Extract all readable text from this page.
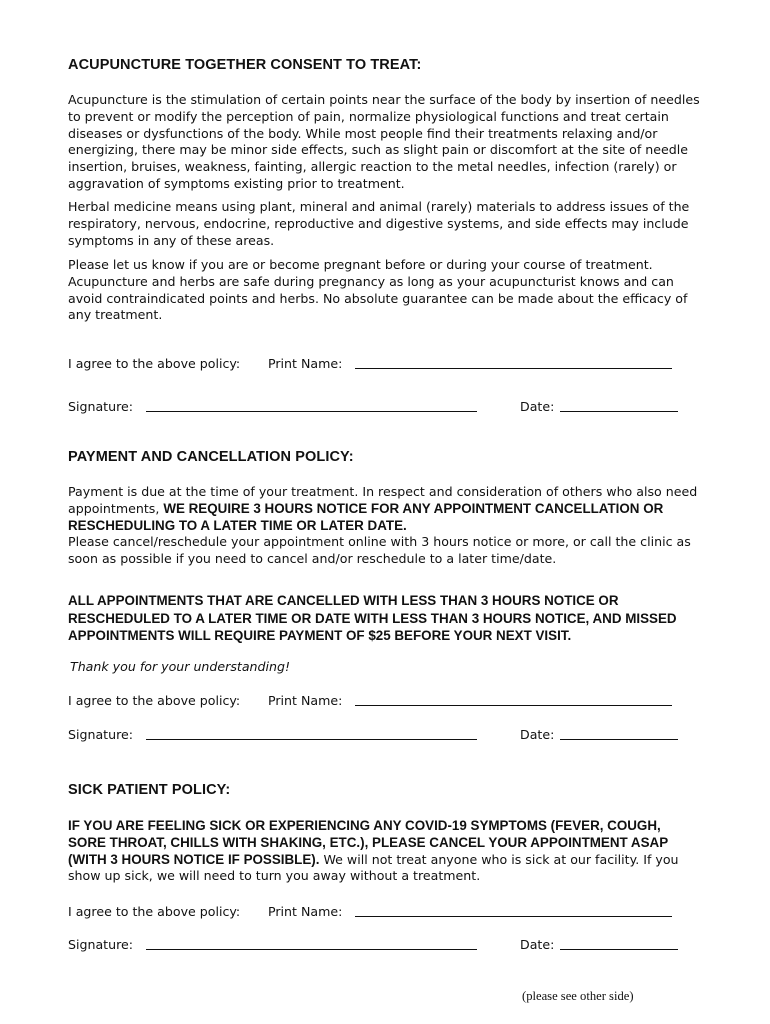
ACUPUNCTURE TOGETHER CONSENT TO TREAT:

Acupuncture is the stimulation of certain points near the surface of the body by insertion of needles to prevent or modify the perception of pain, normalize physiological functions and treat certain diseases or dysfunctions of the body. While most people find their treatments relaxing and/or energizing, there may be minor side effects, such as slight pain or discomfort at the site of needle insertion, bruises, weakness, fainting, allergic reaction to the metal needles, infection (rarely) or aggravation of symptoms existing prior to treatment.

Herbal medicine means using plant, mineral and animal (rarely) materials to address issues of the respiratory, nervous, endocrine, reproductive and digestive systems, and side effects may include symptoms in any of these areas.

Please let us know if you are or become pregnant before or during your course of treatment. Acupuncture and herbs are safe during pregnancy as long as your acupuncturist knows and can avoid contraindicated points and herbs. No absolute guarantee can be made about the efficacy of any treatment.

I agree to the above policy: Print Name:
Signature:	Date:
PAYMENT AND CANCELLATION POLICY:

Payment is due at the time of your treatment. In respect and consideration of others who also need appointments, WE REQUIRE 3 HOURS NOTICE FOR ANY APPOINTMENT CANCELLATION OR RESCHEDULING TO A LATER TIME OR LATER DATE.
Please cancel/reschedule your appointment online with 3 hours notice or more, or call the clinic as soon as possible if you need to cancel and/or reschedule to a later time/date.

ALL APPOINTMENTS THAT ARE CANCELLED WITH LESS THAN 3 HOURS NOTICE OR RESCHEDULED TO A LATER TIME OR DATE WITH LESS THAN 3 HOURS NOTICE, AND MISSED APPOINTMENTS WILL REQUIRE PAYMENT OF $25 BEFORE YOUR NEXT VISIT.

Thank you for your understanding!

I agree to the above policy: Print Name:
Signature:	Date:
SICK PATIENT POLICY:

IF YOU ARE FEELING SICK OR EXPERIENCING ANY COVID-19 SYMPTOMS (FEVER, COUGH, SORE THROAT, CHILLS WITH SHAKING, ETC.), PLEASE CANCEL YOUR APPOINTMENT ASAP (WITH 3 HOURS NOTICE IF POSSIBLE). We will not treat anyone who is sick at our facility. If you show up sick, we will need to turn you away without a treatment.

I agree to the above policy: Print Name:
Signature:	Date:
(please see other side)
